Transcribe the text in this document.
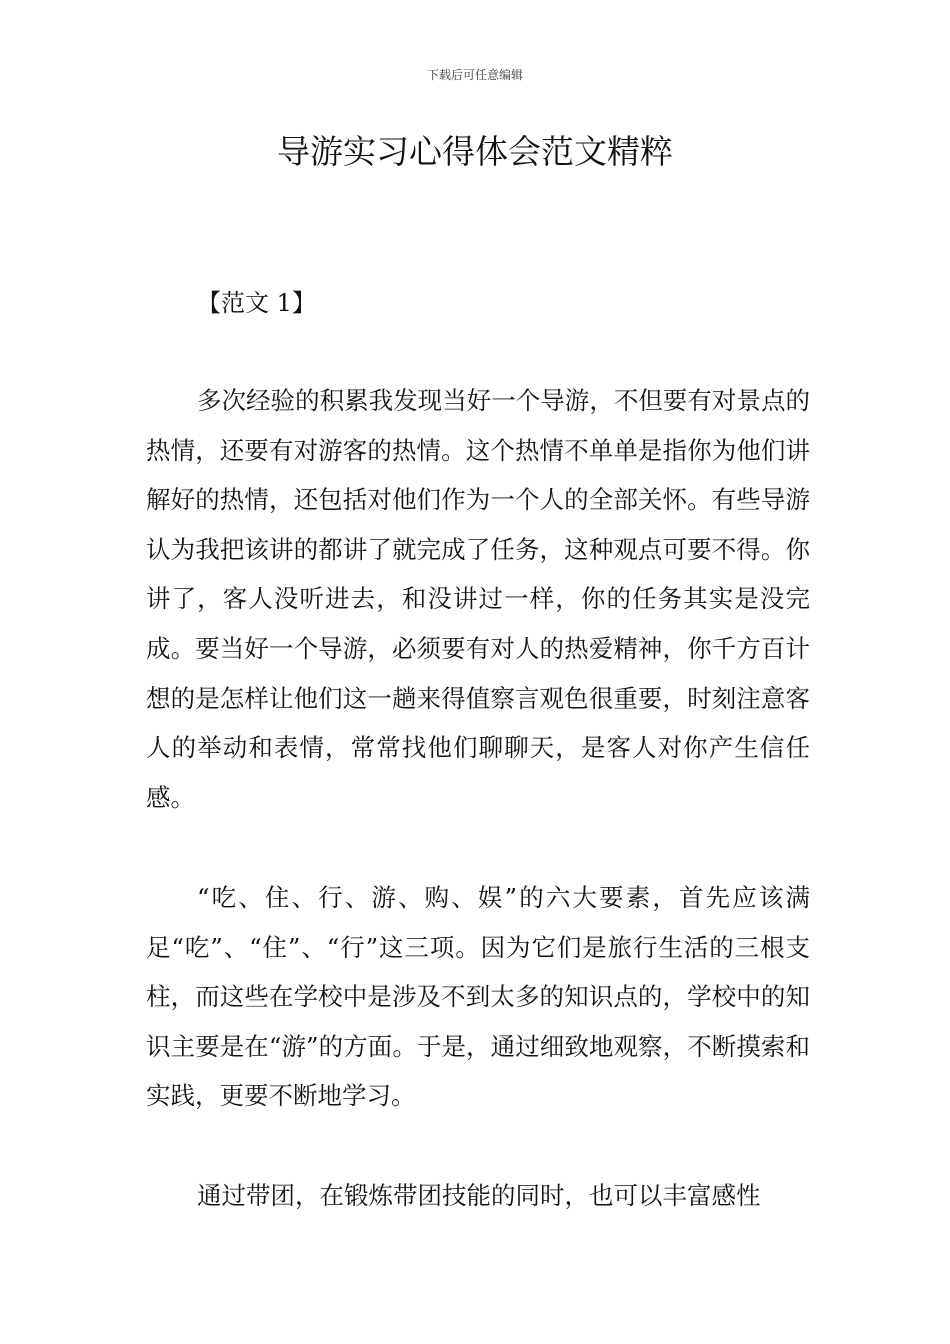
下载后可任意编辑
导游实习心得体会范文精粹
【范文 1】

多次经验的积累我发现当好一个导游，不但要有对景点的热情，还要有对游客的热情。这个热情不单单是指你为他们讲解好的热情，还包括对他们作为一个人的全部关怀。有些导游认为我把该讲的都讲了就完成了任务，这种观点可要不得。你讲了，客人没听进去，和没讲过一样，你的任务其实是没完成。要当好一个导游，必须要有对人的热爱精神，你千方百计想的是怎样让他们这一趟来得值察言观色很重要，时刻注意客人的举动和表情，常常找他们聊聊天，是客人对你产生信任感。

“吃、住、行、游、购、娱”的六大要素，首先应该满足“吃”、“住”、“行”这三项。因为它们是旅行生活的三根支柱，而这些在学校中是涉及不到太多的知识点的，学校中的知识主要是在“游”的方面。于是，通过细致地观察，不断摸索和实践，更要不断地学习。

通过带团，在锻炼带团技能的同时，也可以丰富感性
